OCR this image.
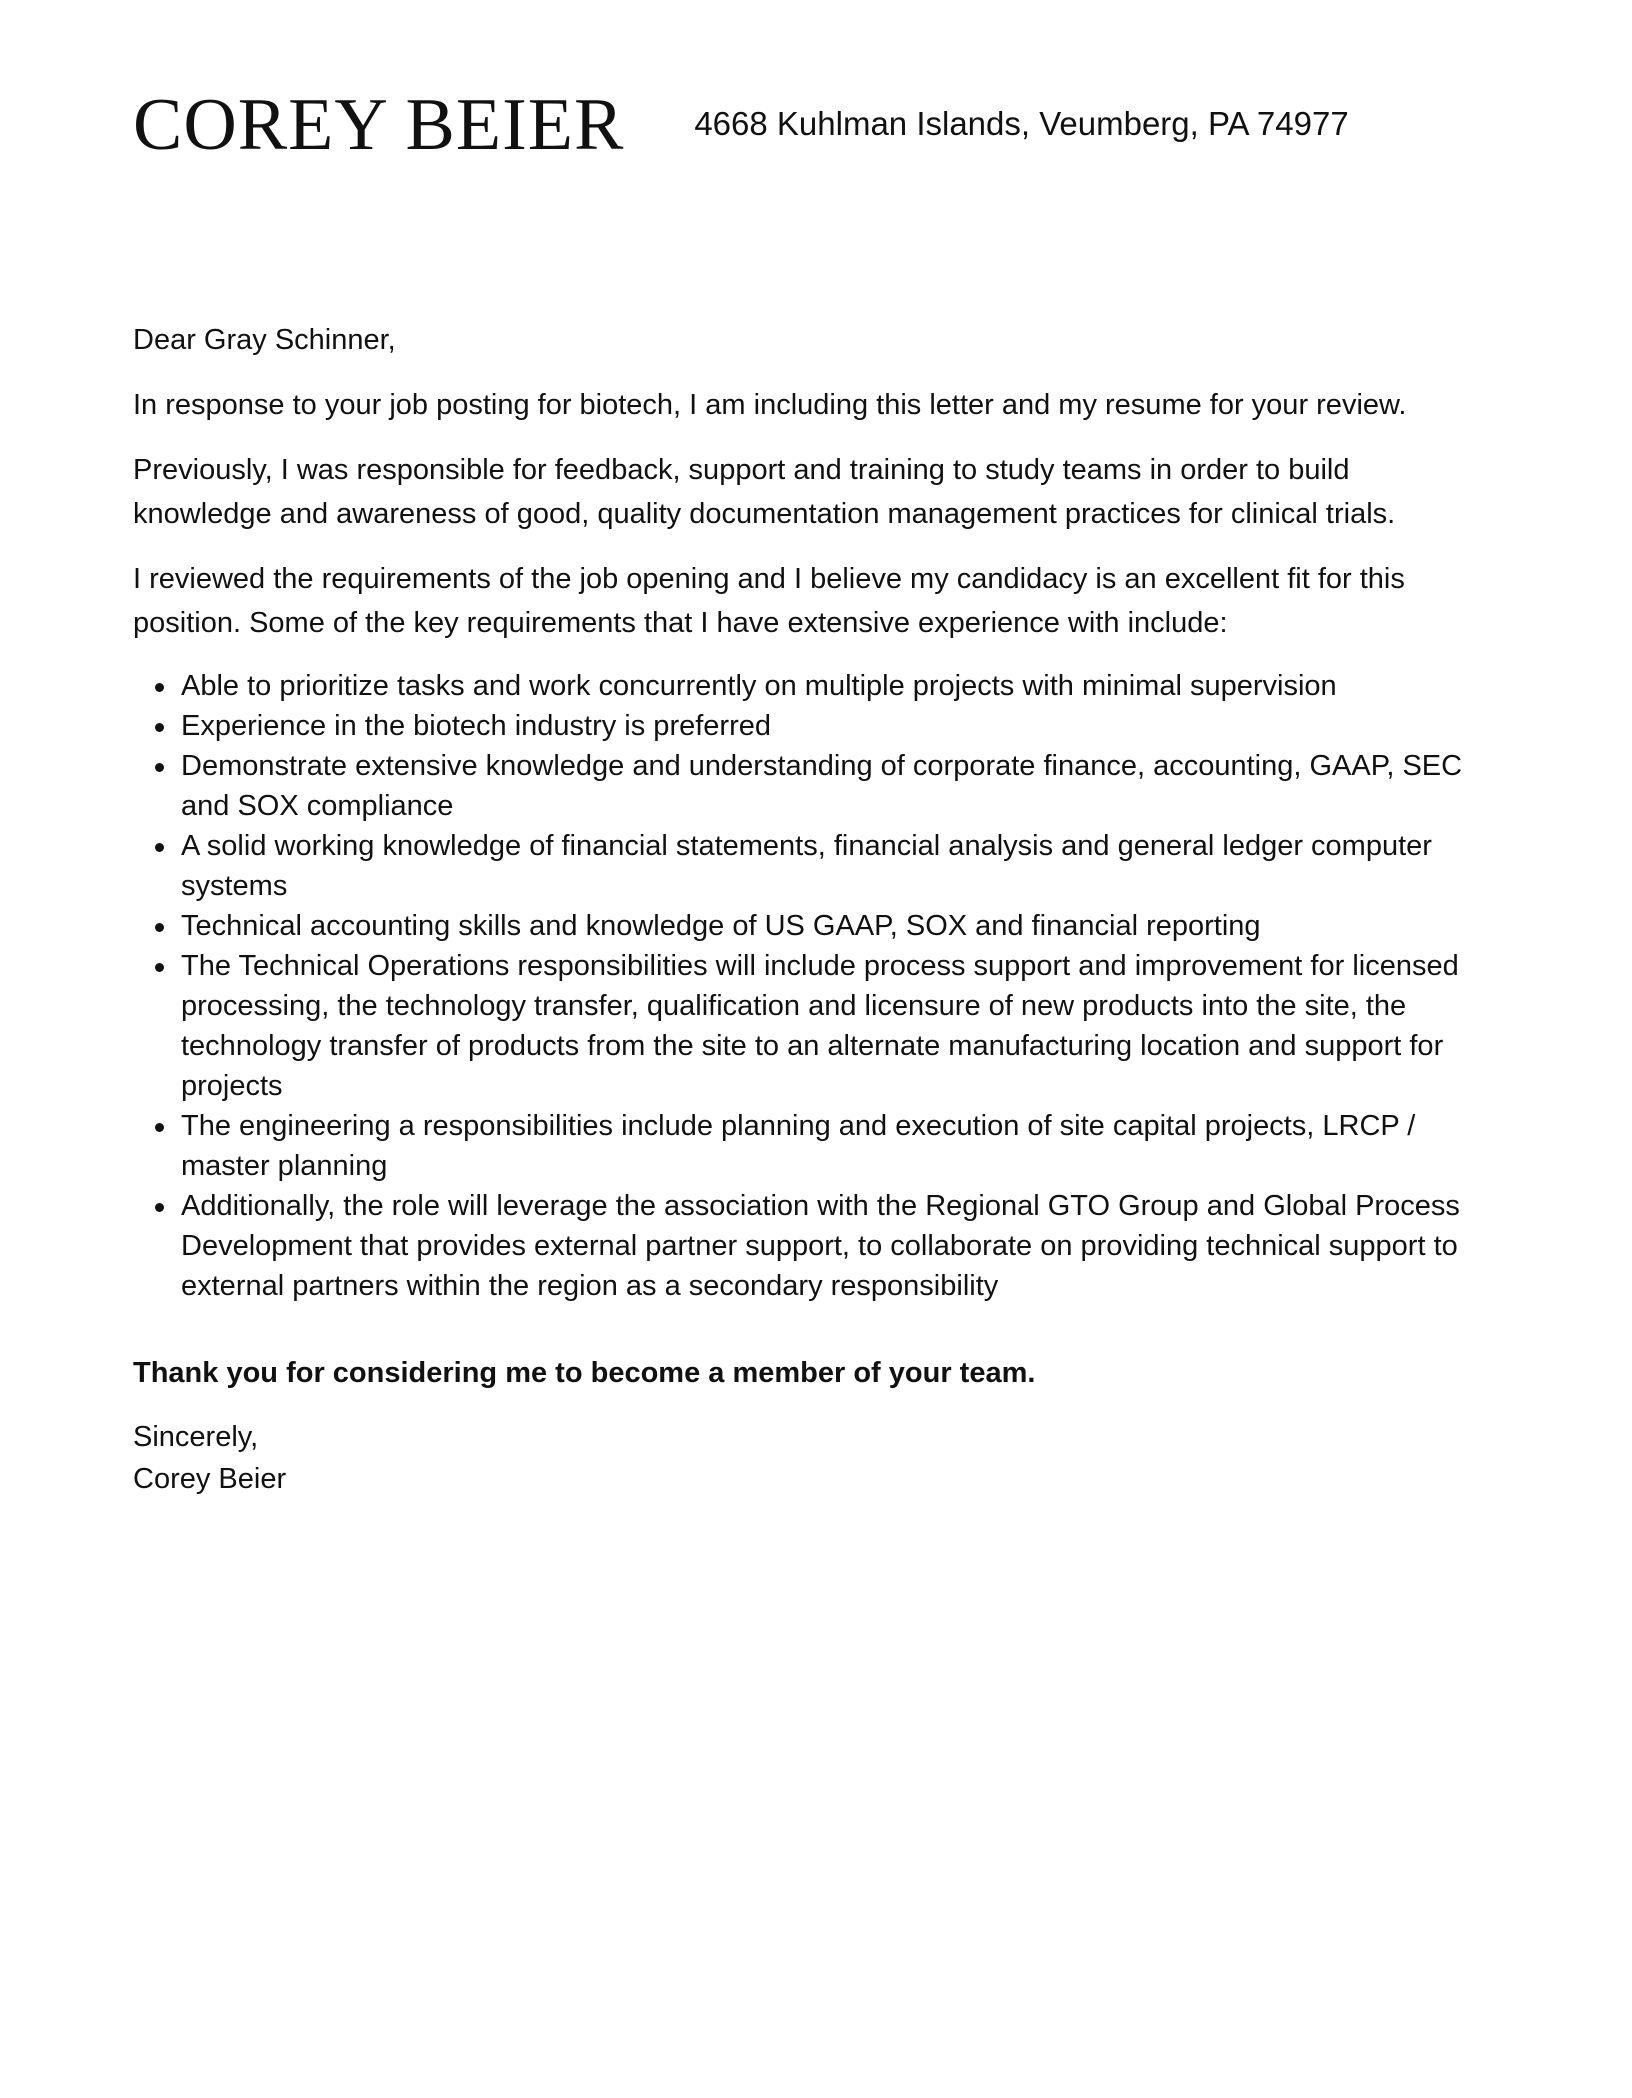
COREY BEIER 4668 Kuhlman Islands, Veumberg, PA 74977

Dear Gray Schinner,

In response to your job posting for biotech, I am including this letter and my resume for your review.

Previously, I was responsible for feedback, support and training to study teams in order to build knowledge and awareness of good, quality documentation management practices for clinical trials.

I reviewed the requirements of the job opening and I believe my candidacy is an excellent fit for this position. Some of the key requirements that I have extensive experience with include:

Able to prioritize tasks and work concurrently on multiple projects with minimal supervision
Experience in the biotech industry is preferred
Demonstrate extensive knowledge and understanding of corporate finance, accounting, GAAP, SEC and SOX compliance
A solid working knowledge of financial statements, financial analysis and general ledger computer systems
Technical accounting skills and knowledge of US GAAP, SOX and financial reporting
The Technical Operations responsibilities will include process support and improvement for licensed processing, the technology transfer, qualification and licensure of new products into the site, the technology transfer of products from the site to an alternate manufacturing location and support for projects
The engineering a responsibilities include planning and execution of site capital projects, LRCP / master planning
Additionally, the role will leverage the association with the Regional GTO Group and Global Process Development that provides external partner support, to collaborate on providing technical support to external partners within the region as a secondary responsibility

Thank you for considering me to become a member of your team.

Sincerely,

Corey Beier
